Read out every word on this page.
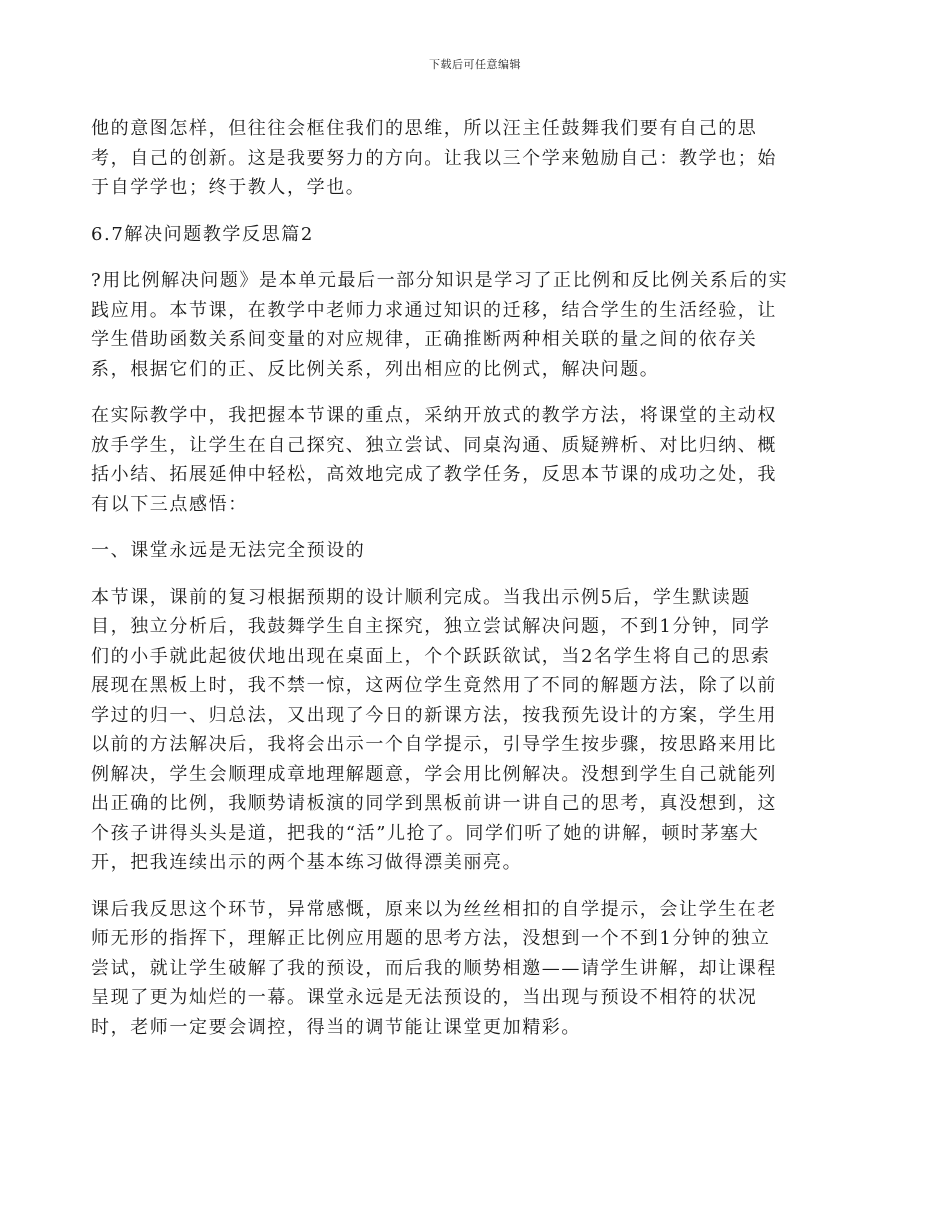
下载后可任意编辑
他的意图怎样，但往往会框住我们的思维，所以汪主任鼓舞我们要有自己的思
考，自己的创新。这是我要努力的方向。让我以三个学来勉励自己：教学也；始
于自学学也；终于教人，学也。
6.7解决问题教学反思篇2
?用比例解决问题》是本单元最后一部分知识是学习了正比例和反比例关系后的实
践应用。本节课，在教学中老师力求通过知识的迁移，结合学生的生活经验，让
学生借助函数关系间变量的对应规律，正确推断两种相关联的量之间的依存关
系，根据它们的正、反比例关系，列出相应的比例式，解决问题。
在实际教学中，我把握本节课的重点，采纳开放式的教学方法，将课堂的主动权
放手学生，让学生在自己探究、独立尝试、同桌沟通、质疑辨析、对比归纳、概
括小结、拓展延伸中轻松，高效地完成了教学任务，反思本节课的成功之处，我
有以下三点感悟：
一、课堂永远是无法完全预设的
本节课，课前的复习根据预期的设计顺利完成。当我出示例5后，学生默读题
目，独立分析后，我鼓舞学生自主探究，独立尝试解决问题，不到1分钟，同学
们的小手就此起彼伏地出现在桌面上，个个跃跃欲试，当2名学生将自己的思索
展现在黑板上时，我不禁一惊，这两位学生竟然用了不同的解题方法，除了以前
学过的归一、归总法，又出现了今日的新课方法，按我预先设计的方案，学生用
以前的方法解决后，我将会出示一个自学提示，引导学生按步骤，按思路来用比
例解决，学生会顺理成章地理解题意，学会用比例解决。没想到学生自己就能列
出正确的比例，我顺势请板演的同学到黑板前讲一讲自己的思考，真没想到，这
个孩子讲得头头是道，把我的“活”儿抢了。同学们听了她的讲解，顿时茅塞大
开，把我连续出示的两个基本练习做得漂美丽亮。
课后我反思这个环节，异常感慨，原来以为丝丝相扣的自学提示，会让学生在老
师无形的指挥下，理解正比例应用题的思考方法，没想到一个不到1分钟的独立
尝试，就让学生破解了我的预设，而后我的顺势相邀——请学生讲解，却让课程
呈现了更为灿烂的一幕。课堂永远是无法预设的，当出现与预设不相符的状况
时，老师一定要会调控，得当的调节能让课堂更加精彩。
